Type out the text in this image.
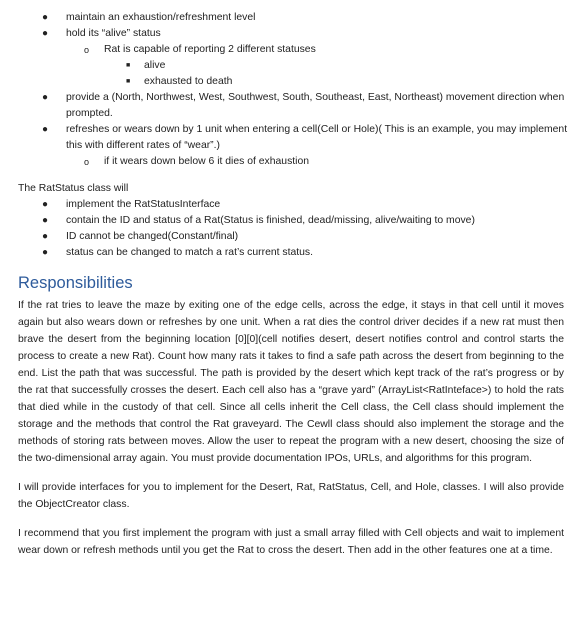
●	maintain an exhaustion/refreshment level
●	hold its “alive” status
o Rat is capable of reporting 2 different statuses
■ alive
■ exhausted to death
●	provide a (North, Northwest, West, Southwest, South, Southeast, East, Northeast) movement direction when prompted.
●	refreshes or wears down by 1 unit when entering a cell(Cell or Hole)( This is an example, you may implement this with different rates of “wear”.)
o if it wears down below 6 it dies of exhaustion

The RatStatus class will

●	implement the RatStatusInterface
●	contain the ID and status of a Rat(Status is finished, dead/missing, alive/waiting to move)
●	ID cannot be changed(Constant/final)
●	status can be changed to match a rat’s current status.
Responsibilities

If the rat tries to leave the maze by exiting one of the edge cells, across the edge, it stays in that cell until it moves again but also wears down or refreshes by one unit. When a rat dies the control driver decides if a new rat must then brave the desert from the beginning location [0][0](cell notifies desert, desert notifies control and control starts the process to create a new Rat). Count how many rats it takes to find a safe path across the desert from beginning to the end. List the path that was successful. The path is provided by the desert which kept track of the rat’s progress or by the rat that successfully crosses the desert. Each cell also has a “grave yard” (ArrayList<RatInteface>) to hold the rats that died while in the custody of that cell. Since all cells inherit the Cell class, the Cell class should implement the storage and the methods that control the Rat graveyard. The Cewll class should also implement the storage and the methods of storing rats between moves. Allow the user to repeat the program with a new desert, choosing the size of the two-dimensional array again. You must provide documentation IPOs, URLs, and algorithms for this program.

I will provide interfaces for you to implement for the Desert, Rat, RatStatus, Cell, and Hole, classes. I will also provide the ObjectCreator class.

I recommend that you first implement the program with just a small array filled with Cell objects and wait to implement wear down or refresh methods until you get the Rat to cross the desert. Then add in the other features one at a time.
